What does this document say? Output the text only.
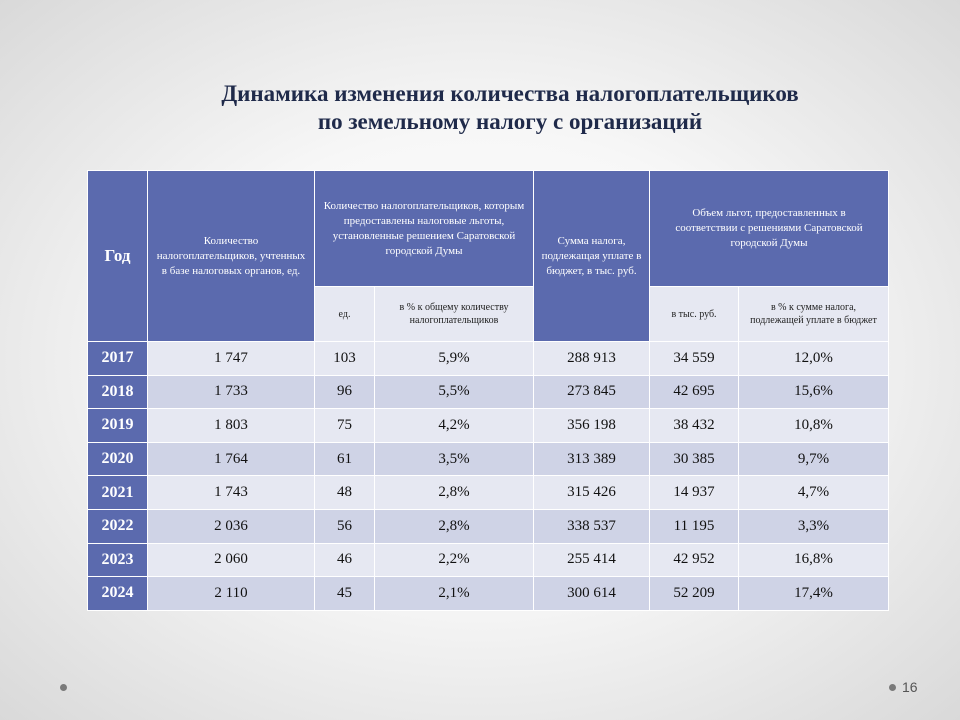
Динамика изменения количества налогоплательщиков
по земельному налогу с организаций
Год	Количество налогоплательщиков, учтенных в базе налоговых органов, ед.	Количество налогоплательщиков, которым предоставлены налоговые льготы, установленные решением Саратовской городской Думы		Сумма налога, подлежащая уплате в бюджет, в тыс. руб.	Объем льгот, предоставленных в соответствии с решениями Саратовской городской Думы	
		ед.	в % к общему количеству налогоплательщиков		в тыс. руб.	в % к сумме налога, подлежащей уплате в бюджет
2017	1 747	103	5,9%	288 913	34 559	12,0%
2018	1 733	96	5,5%	273 845	42 695	15,6%
2019	1 803	75	4,2%	356 198	38 432	10,8%
2020	1 764	61	3,5%	313 389	30 385	9,7%
2021	1 743	48	2,8%	315 426	14 937	4,7%
2022	2 036	56	2,8%	338 537	11 195	3,3%
2023	2 060	46	2,2%	255 414	42 952	16,8%
2024	2 110	45	2,1%	300 614	52 209	17,4%
16
